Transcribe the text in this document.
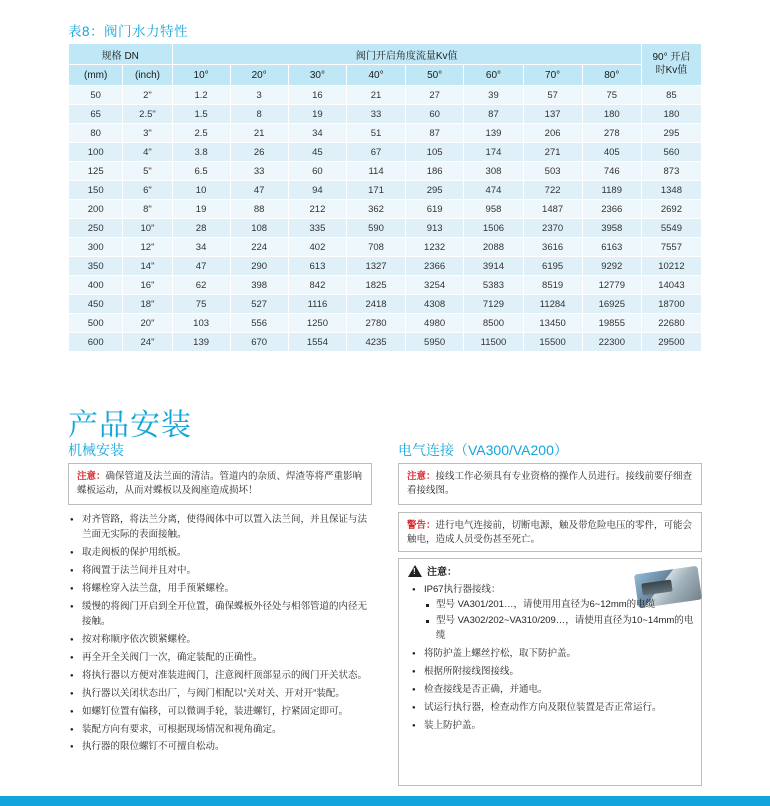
表8：阀门水力特性
规格 DN		阀门开启角度流量Kv值								90° 开启
时Kv值
(mm)	(inch)	10°	20°	30°	40°	50°	60°	70°	80°	
50	2"	1.2	3	16	21	27	39	57	75	85
65	2.5"	1.5	8	19	33	60	87	137	180	180
80	3"	2.5	21	34	51	87	139	206	278	295
100	4"	3.8	26	45	67	105	174	271	405	560
125	5"	6.5	33	60	114	186	308	503	746	873
150	6"	10	47	94	171	295	474	722	1189	1348
200	8"	19	88	212	362	619	958	1487	2366	2692
250	10"	28	108	335	590	913	1506	2370	3958	5549
300	12"	34	224	402	708	1232	2088	3616	6163	7557
350	14"	47	290	613	1327	2366	3914	6195	9292	10212
400	16"	62	398	842	1825	3254	5383	8519	12779	14043
450	18"	75	527	1116	2418	4308	7129	11284	16925	18700
500	20"	103	556	1250	2780	4980	8500	13450	19855	22680
600	24"	139	670	1554	4235	5950	11500	15500	22300	29500
产品安装
机械安装	电气连接（VA300/VA200）
注意：确保管道及法兰面的清洁。管道内的杂质、焊渣等将严重影响蝶板运动，从而对蝶板以及阀座造成损坏！
● 对齐管路，将法兰分离，使得阀体中可以置入法兰间，并且保证与法兰面无实际的表面接触。
● 取走阀板的保护用纸板。
● 将阀置于法兰间并且对中。
● 将螺栓穿入法兰盘，用手预紧螺栓。
● 缓慢的将阀门开启到全开位置，确保蝶板外径处与相邻管道的内径无接触。
● 按对称顺序依次锁紧螺栓。
● 再全开全关阀门一次，确定装配的正确性。
● 将执行器以方便对准装进阀门，注意阀杆顶部显示的阀门开关状态。
● 执行器以关闭状态出厂，与阀门相配以“关对关、开对开”装配。
● 如螺钉位置有偏移，可以微调手轮，装进螺钉，拧紧固定即可。
● 装配方向有要求，可根据现场情况和视角确定。
● 执行器的限位螺钉不可擅自松动。
注意：接线工作必须具有专业资格的操作人员进行。接线前要仔细查看接线图。
警告：进行电气连接前，切断电源，触及带危险电压的零件，可能会触电，造成人员受伤甚至死亡。
!
注意：
● IP67执行器接线：
型号 VA301/201…，请使用用直径为6~12mm的电缆
型号 VA302/202~VA310/209…，请使用直径为10~14mm的电缆
● 将防护盖上螺丝拧松，取下防护盖。
● 根据所附接线图接线。
● 检查接线是否正确，并通电。
● 试运行执行器，检查动作方向及限位装置是否正常运行。
● 装上防护盖。
